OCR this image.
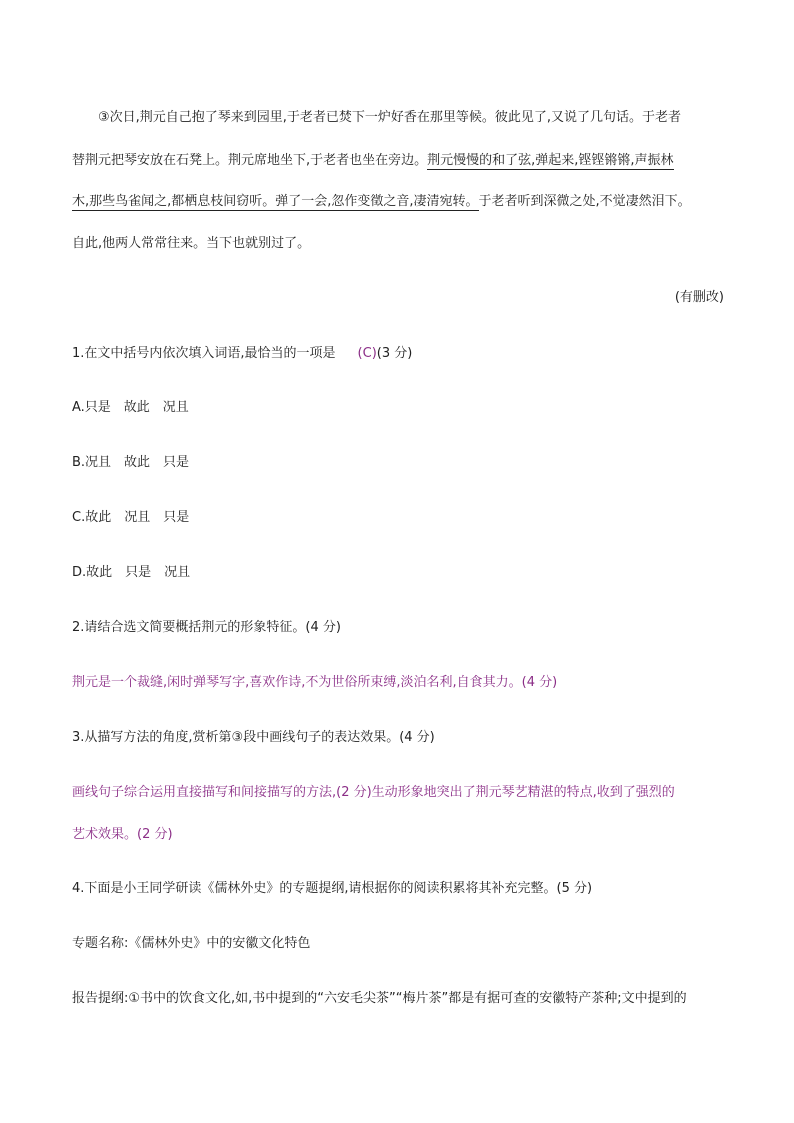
③次日,荆元自己抱了琴来到园里,于老者已焚下一炉好香在那里等候。彼此见了,又说了几句话。于老者
替荆元把琴安放在石凳上。荆元席地坐下,于老者也坐在旁边。荆元慢慢的和了弦,弹起来,铿铿锵锵,声振林
木,那些鸟雀闻之,都栖息枝间窃听。弹了一会,忽作变徵之音,凄清宛转。于老者听到深微之处,不觉凄然泪下。
自此,他两人常常往来。当下也就别过了。
(有删改)
1.在文中括号内依次填入词语,最恰当的一项是 (C)(3 分)
A.只是　故此　况且
B.况且　故此　只是
C.故此　况且　只是
D.故此　只是　况且
2.请结合选文简要概括荆元的形象特征。(4 分)
荆元是一个裁缝,闲时弹琴写字,喜欢作诗,不为世俗所束缚,淡泊名利,自食其力。(4 分)
3.从描写方法的角度,赏析第③段中画线句子的表达效果。(4 分)
画线句子综合运用直接描写和间接描写的方法,(2 分)生动形象地突出了荆元琴艺精湛的特点,收到了强烈的
艺术效果。(2 分)
4.下面是小王同学研读《儒林外史》的专题提纲,请根据你的阅读积累将其补充完整。(5 分)
专题名称:《儒林外史》中的安徽文化特色
报告提纲:①书中的饮食文化,如,书中提到的“六安毛尖茶”“梅片茶”都是有据可查的安徽特产茶种;文中提到的
